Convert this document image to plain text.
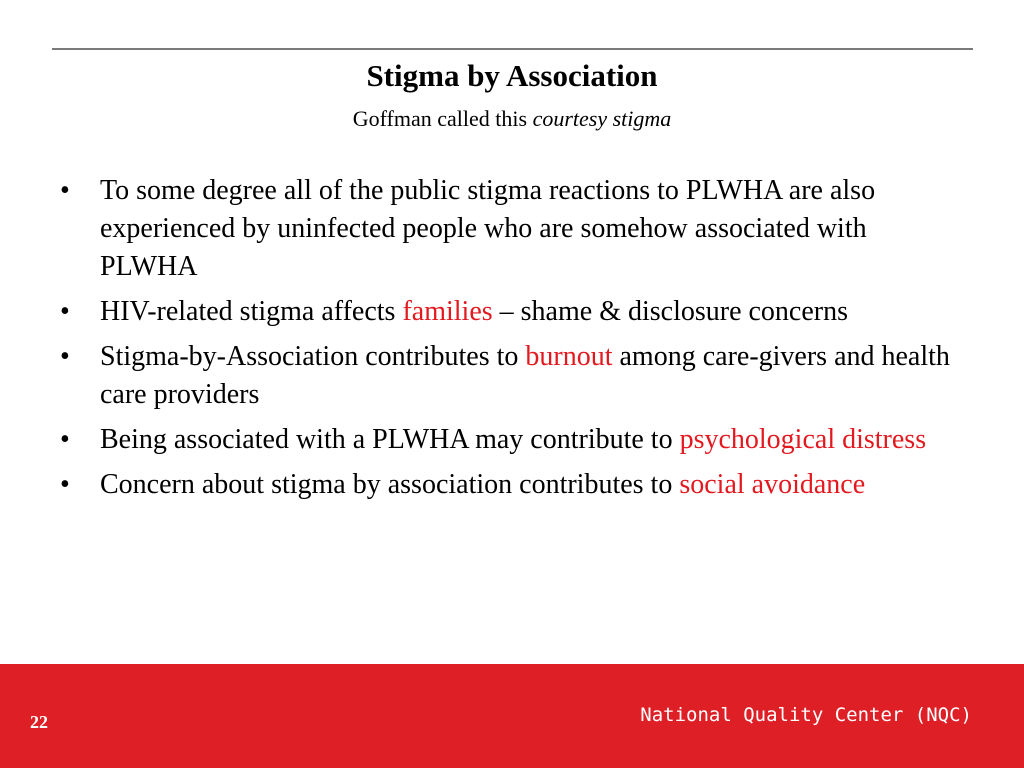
Stigma by Association
Goffman called this courtesy stigma
•	To some degree all of the public stigma reactions to PLWHA are also experienced by uninfected people who are somehow associated with PLWHA
•	HIV-related stigma affects families – shame & disclosure concerns
•	Stigma-by-Association contributes to burnout among care-givers and health care providers
•	Being associated with a PLWHA may contribute to psychological distress
•	Concern about stigma by association contributes to social avoidance
22	National Quality Center (NQC)
